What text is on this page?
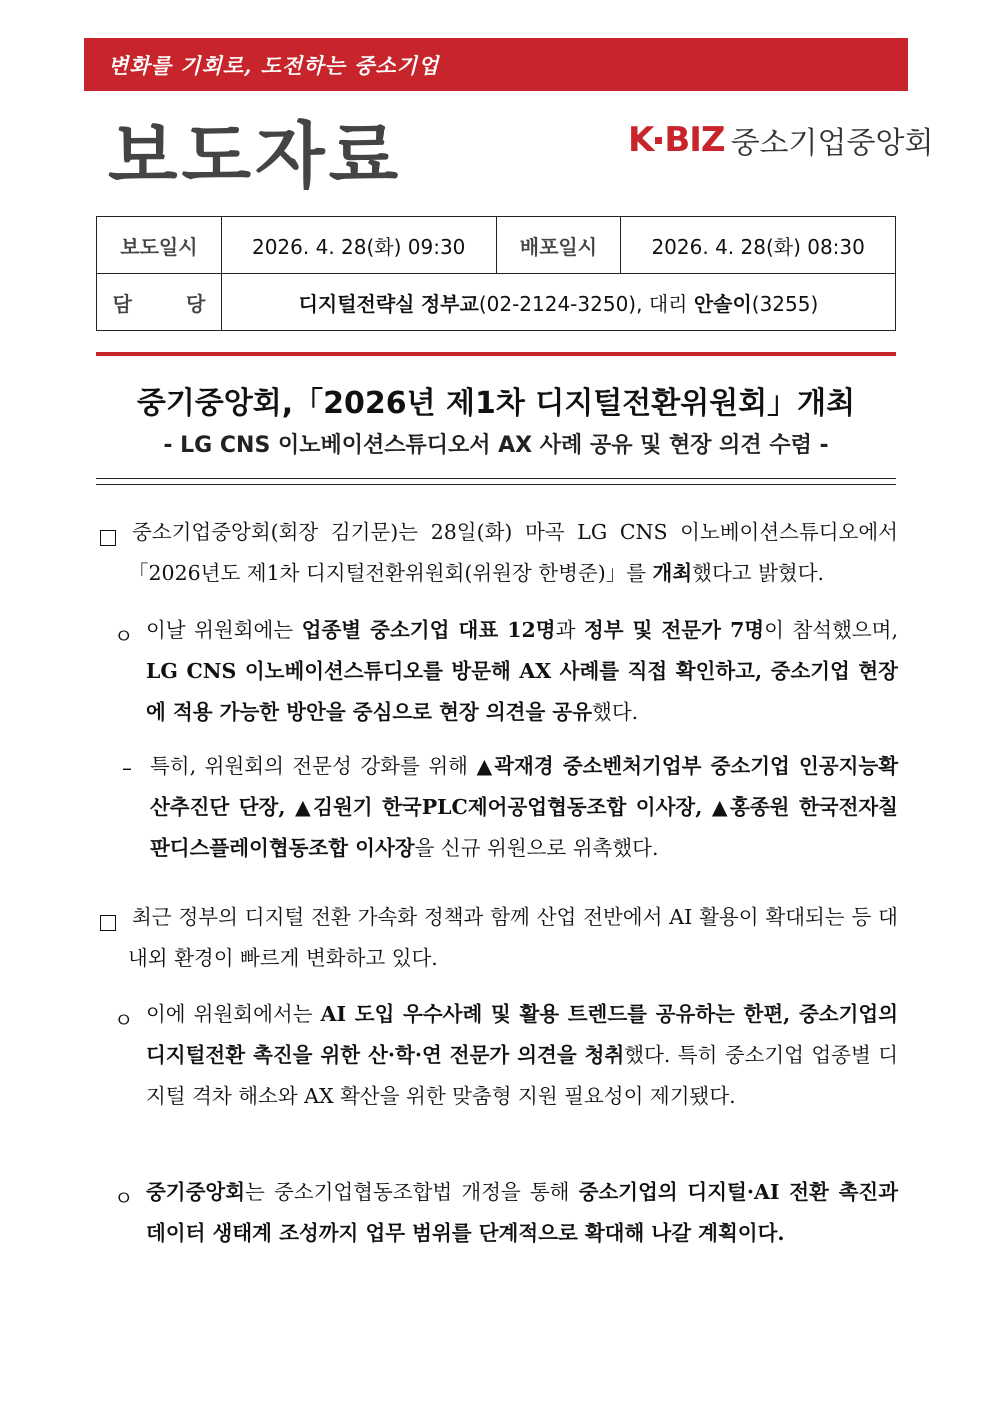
변화를 기회로, 도전하는 중소기업
보도자료	K BIZ 중소기업중앙회
보도일시	2026. 4. 28(화) 09:30	배포일시	2026. 4. 28(화) 08:30
담 당	디지털전략실 정부교(02-2124-3250), 대리 안솔이(3255)		
중기중앙회,「2026년 제1차 디지털전환위원회」개최
- LG CNS 이노베이션스튜디오서 AX 사례 공유 및 현장 의견 수렴 -
중소기업중앙회(회장 김기문)는 28일(화) 마곡 LG CNS 이노베이션스튜디오에서 「2026년도 제1차 디지털전환위원회(위원장 한병준)」를 개최했다고 밝혔다.
ㅇ 이날 위원회에는 업종별 중소기업 대표 12명과 정부 및 전문가 7명이 참석했으며, LG CNS 이노베이션스튜디오를 방문해 AX 사례를 직접 확인하고, 중소기업 현장에 적용 가능한 방안을 중심으로 현장 의견을 공유했다.
– 특히, 위원회의 전문성 강화를 위해 ▲곽재경 중소벤처기업부 중소기업 인공지능확산추진단 단장, ▲김원기 한국PLC제어공업협동조합 이사장, ▲홍종원 한국전자칠판디스플레이협동조합 이사장을 신규 위원으로 위촉했다.
최근 정부의 디지털 전환 가속화 정책과 함께 산업 전반에서 AI 활용이 확대되는 등 대내외 환경이 빠르게 변화하고 있다.
ㅇ 이에 위원회에서는 AI 도입 우수사례 및 활용 트렌드를 공유하는 한편, 중소기업의 디지털전환 촉진을 위한 산·학·연 전문가 의견을 청취했다. 특히 중소기업 업종별 디지털 격차 해소와 AX 확산을 위한 맞춤형 지원 필요성이 제기됐다.
ㅇ 중기중앙회는 중소기업협동조합법 개정을 통해 중소기업의 디지털·AI 전환 촉진과 데이터 생태계 조성까지 업무 범위를 단계적으로 확대해 나갈 계획이다.
